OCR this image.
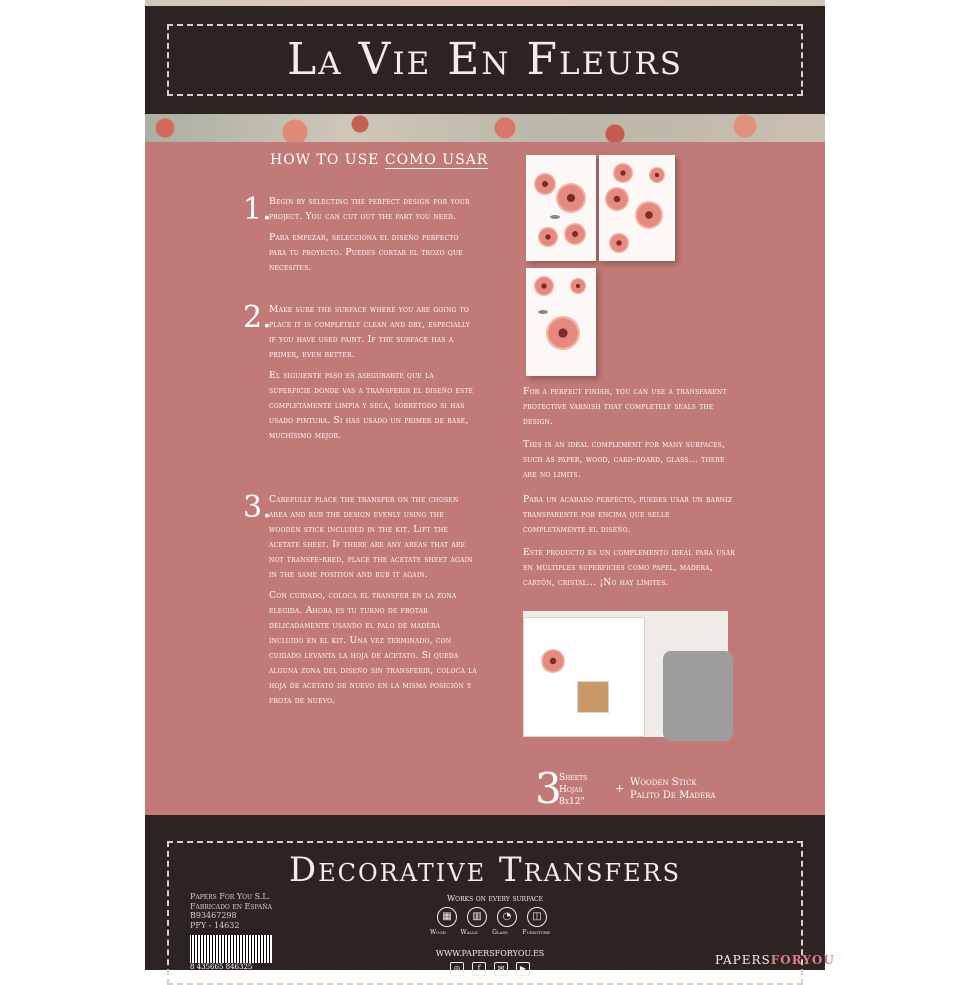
La Vie En Fleurs
HOW TO USE COMO USAR
1.

Begin by selecting the perfect design for your project. You can cut out the part you need.

Para empezar, selecciona el diseño perfecto para tu proyecto. Puedes cortar el trozo que necesites.

2.

Make sure the surface where you are going to place it is completely clean and dry, especially if you have used paint. If the surface has a primer, even better.

El siguiente paso es asegurarte que la superficie donde vas a transferir el diseño esté completamente limpia y seca, sobretodo si has usado pintura. Si has usado un primer de base, muchísimo mejor.

3.

Carefully place the transfer on the chosen area and rub the design evenly using the wooden stick included in the kit. Lift the acetate sheet. If there are any areas that are not transfe-rred, place the acetate sheet again in the same position and rub it again.

Con cuidado, coloca el transfer en la zona elegida. Ahora es tu turno de frotar delicadamente usando el palo de madera incluido en el kit. Una vez terminado, con cuidado levanta la hoja de acetato. Si queda alguna zona del diseño sin transferir, coloca la hoja de acetato de nuevo en la misma posición y frota de nuevo.

For a perfect finish, you can use a transparent protective varnish that completely seals the design.

This is an ideal complement for many surfaces, such as paper, wood, card-board, glass... there are no limits.

Para un acabado perfecto, puedes usar un barniz transparente por encima que selle completamente el diseño.

Este producto es un complemento ideal para usar en múltiples superficies como papel, madera, cartón, cristal... ¡No hay límites.

3
Sheets
Hojas
8x12"
+ Wooden Stick
Palito De Madera
Decorative Transfers
Papers For You S.L.
Fabricado en España
B93467298
PFY - 14632
8 435665 846325
Works on every surface
▦	▥	◔	◫
Wood Walls Glass Furniture
WWW.PAPERSFORYOU.ES
◎	f	✉	▶
PAPERSFORYOU©
